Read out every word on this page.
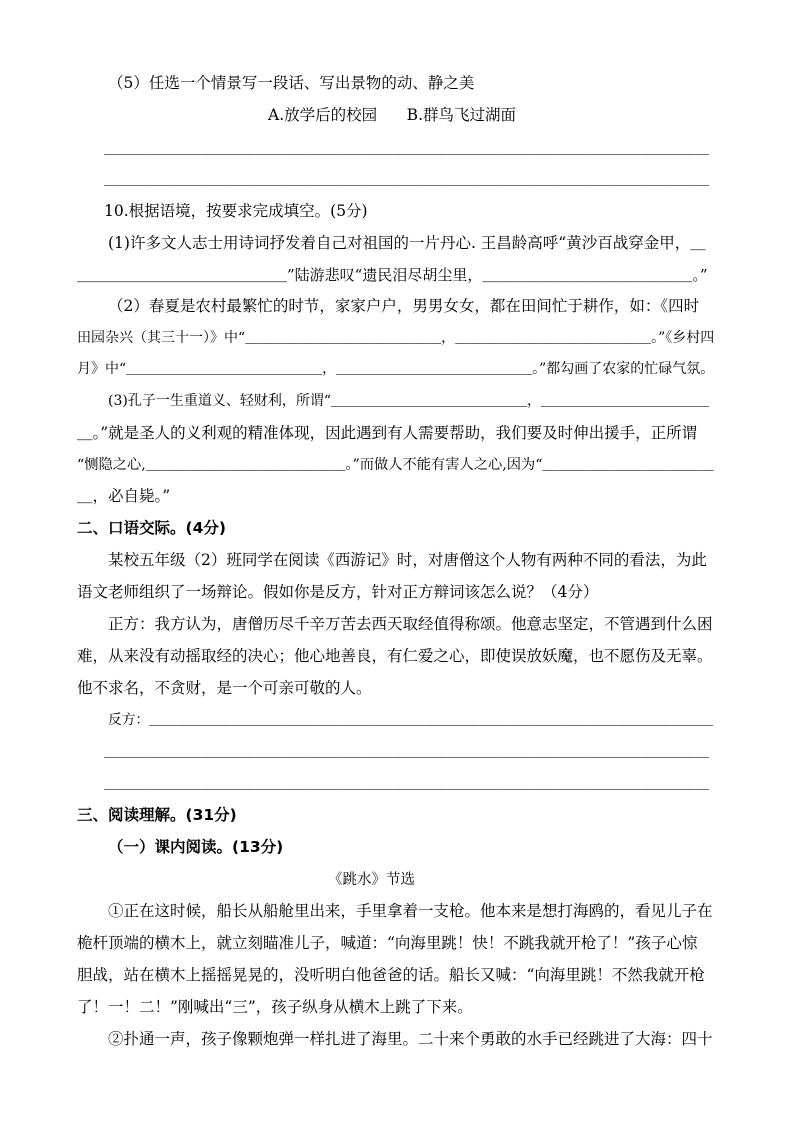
（5）任选一个情景写一段话、写出景物的动、静之美
A.放学后的校园      B.群鸟飞过湖面
＿＿＿＿＿＿＿＿＿＿＿＿＿＿＿＿＿＿＿＿＿＿＿＿＿＿＿＿＿＿＿＿＿＿＿＿＿＿＿＿＿＿＿＿
＿＿＿＿＿＿＿＿＿＿＿＿＿＿＿＿＿＿＿＿＿＿＿＿＿＿＿＿＿＿＿＿＿＿＿＿＿＿＿＿＿＿＿＿
10.根据语境，按要求完成填空。(5分)
(1)许多文人志士用诗词抒发着自己对祖国的一片丹心. 王昌龄高呼“黄沙百战穿金甲，＿
＿＿＿＿＿＿＿＿＿＿＿＿＿＿”陆游悲叹“遗民泪尽胡尘里，＿＿＿＿＿＿＿＿＿＿＿＿＿＿。”
（2）春夏是农村最繁忙的时节，家家户户，男男女女，都在田间忙于耕作，如：《四时
田园杂兴（其三十一）》中“＿＿＿＿＿＿＿＿＿＿＿＿＿＿，＿＿＿＿＿＿＿＿＿＿＿＿＿＿。”《乡村四
月》中“＿＿＿＿＿＿＿＿＿＿＿＿＿＿，＿＿＿＿＿＿＿＿＿＿＿＿＿＿。”都勾画了农家的忙碌气氛。
(3)孔子一生重道义、轻财利，所谓“＿＿＿＿＿＿＿＿＿＿＿＿＿＿，＿＿＿＿＿＿＿＿＿＿＿＿
＿。”就是圣人的义利观的精准体现，因此遇到有人需要帮助，我们要及时伸出援手，正所谓
“恻隐之心,＿＿＿＿＿＿＿＿＿＿＿＿＿＿。”而做人不能有害人之心,因为“＿＿＿＿＿＿＿＿＿＿＿＿
＿，必自毙。”
二、口语交际。(4分)
某校五年级（2）班同学在阅读《西游记》时，对唐僧这个人物有两种不同的看法，为此
语文老师组织了一场辩论。假如你是反方，针对正方辩词该怎么说？（4分）
正方：我方认为，唐僧历尽千辛万苦去西天取经值得称颂。他意志坚定，不管遇到什么困
难，从来没有动摇取经的决心；他心地善良，有仁爱之心，即使误放妖魔，也不愿伤及无辜。
他不求名，不贪财，是一个可亲可敬的人。
反方：＿＿＿＿＿＿＿＿＿＿＿＿＿＿＿＿＿＿＿＿＿＿＿＿＿＿＿＿＿＿＿＿＿＿＿＿＿＿＿＿＿
＿＿＿＿＿＿＿＿＿＿＿＿＿＿＿＿＿＿＿＿＿＿＿＿＿＿＿＿＿＿＿＿＿＿＿＿＿＿＿＿＿＿＿＿
＿＿＿＿＿＿＿＿＿＿＿＿＿＿＿＿＿＿＿＿＿＿＿＿＿＿＿＿＿＿＿＿＿＿＿＿＿＿＿＿＿＿＿＿
三、阅读理解。(31分)
（一）课内阅读。(13分)
《跳水》节选
①正在这时候，船长从船舱里出来，手里拿着一支枪。他本来是想打海鸥的，看见儿子在
桅杆顶端的横木上，就立刻瞄准儿子，喊道：“向海里跳！快！不跳我就开枪了！”孩子心惊
胆战，站在横木上摇摇晃晃的，没听明白他爸爸的话。船长又喊：“向海里跳！不然我就开枪
了！一！二！”刚喊出“三”，孩子纵身从横木上跳了下来。
②扑通一声，孩子像颗炮弹一样扎进了海里。二十来个勇敢的水手已经跳进了大海：四十
